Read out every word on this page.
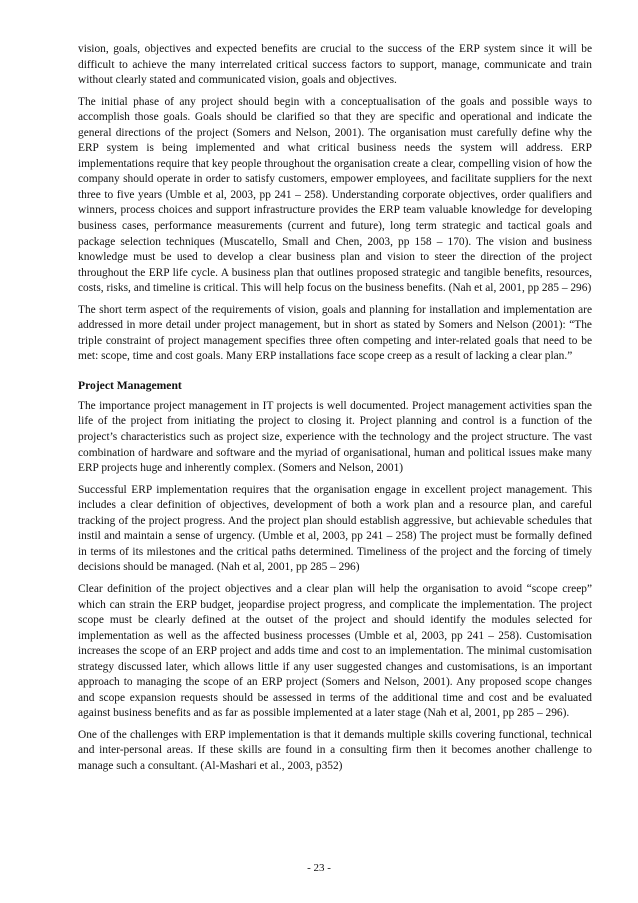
vision, goals, objectives and expected benefits are crucial to the success of the ERP system since it will be difficult to achieve the many interrelated critical success factors to support, manage, communicate and train without clearly stated and communicated vision, goals and objectives.

The initial phase of any project should begin with a conceptualisation of the goals and possible ways to accomplish those goals. Goals should be clarified so that they are specific and operational and indicate the general directions of the project (Somers and Nelson, 2001). The organisation must carefully define why the ERP system is being implemented and what critical business needs the system will address. ERP implementations require that key people throughout the organisation create a clear, compelling vision of how the company should operate in order to satisfy customers, empower employees, and facilitate suppliers for the next three to five years (Umble et al, 2003, pp 241 – 258). Understanding corporate objectives, order qualifiers and winners, process choices and support infrastructure provides the ERP team valuable knowledge for developing business cases, performance measurements (current and future), long term strategic and tactical goals and package selection techniques (Muscatello, Small and Chen, 2003, pp 158 – 170). The vision and business knowledge must be used to develop a clear business plan and vision to steer the direction of the project throughout the ERP life cycle. A business plan that outlines proposed strategic and tangible benefits, resources, costs, risks, and timeline is critical. This will help focus on the business benefits. (Nah et al, 2001, pp 285 – 296)

The short term aspect of the requirements of vision, goals and planning for installation and implementation are addressed in more detail under project management, but in short as stated by Somers and Nelson (2001): “The triple constraint of project management specifies three often competing and inter-related goals that need to be met: scope, time and cost goals. Many ERP installations face scope creep as a result of lacking a clear plan.”

Project Management

The importance project management in IT projects is well documented. Project management activities span the life of the project from initiating the project to closing it. Project planning and control is a function of the project’s characteristics such as project size, experience with the technology and the project structure. The vast combination of hardware and software and the myriad of organisational, human and political issues make many ERP projects huge and inherently complex. (Somers and Nelson, 2001)

Successful ERP implementation requires that the organisation engage in excellent project management. This includes a clear definition of objectives, development of both a work plan and a resource plan, and careful tracking of the project progress. And the project plan should establish aggressive, but achievable schedules that instil and maintain a sense of urgency. (Umble et al, 2003, pp 241 – 258) The project must be formally defined in terms of its milestones and the critical paths determined. Timeliness of the project and the forcing of timely decisions should be managed. (Nah et al, 2001, pp 285 – 296)

Clear definition of the project objectives and a clear plan will help the organisation to avoid “scope creep” which can strain the ERP budget, jeopardise project progress, and complicate the implementation. The project scope must be clearly defined at the outset of the project and should identify the modules selected for implementation as well as the affected business processes (Umble et al, 2003, pp 241 – 258). Customisation increases the scope of an ERP project and adds time and cost to an implementation. The minimal customisation strategy discussed later, which allows little if any user suggested changes and customisations, is an important approach to managing the scope of an ERP project (Somers and Nelson, 2001). Any proposed scope changes and scope expansion requests should be assessed in terms of the additional time and cost and be evaluated against business benefits and as far as possible implemented at a later stage (Nah et al, 2001, pp 285 – 296).

One of the challenges with ERP implementation is that it demands multiple skills covering functional, technical and inter-personal areas. If these skills are found in a consulting firm then it becomes another challenge to manage such a consultant. (Al-Mashari et al., 2003, p352)

- 23 -
